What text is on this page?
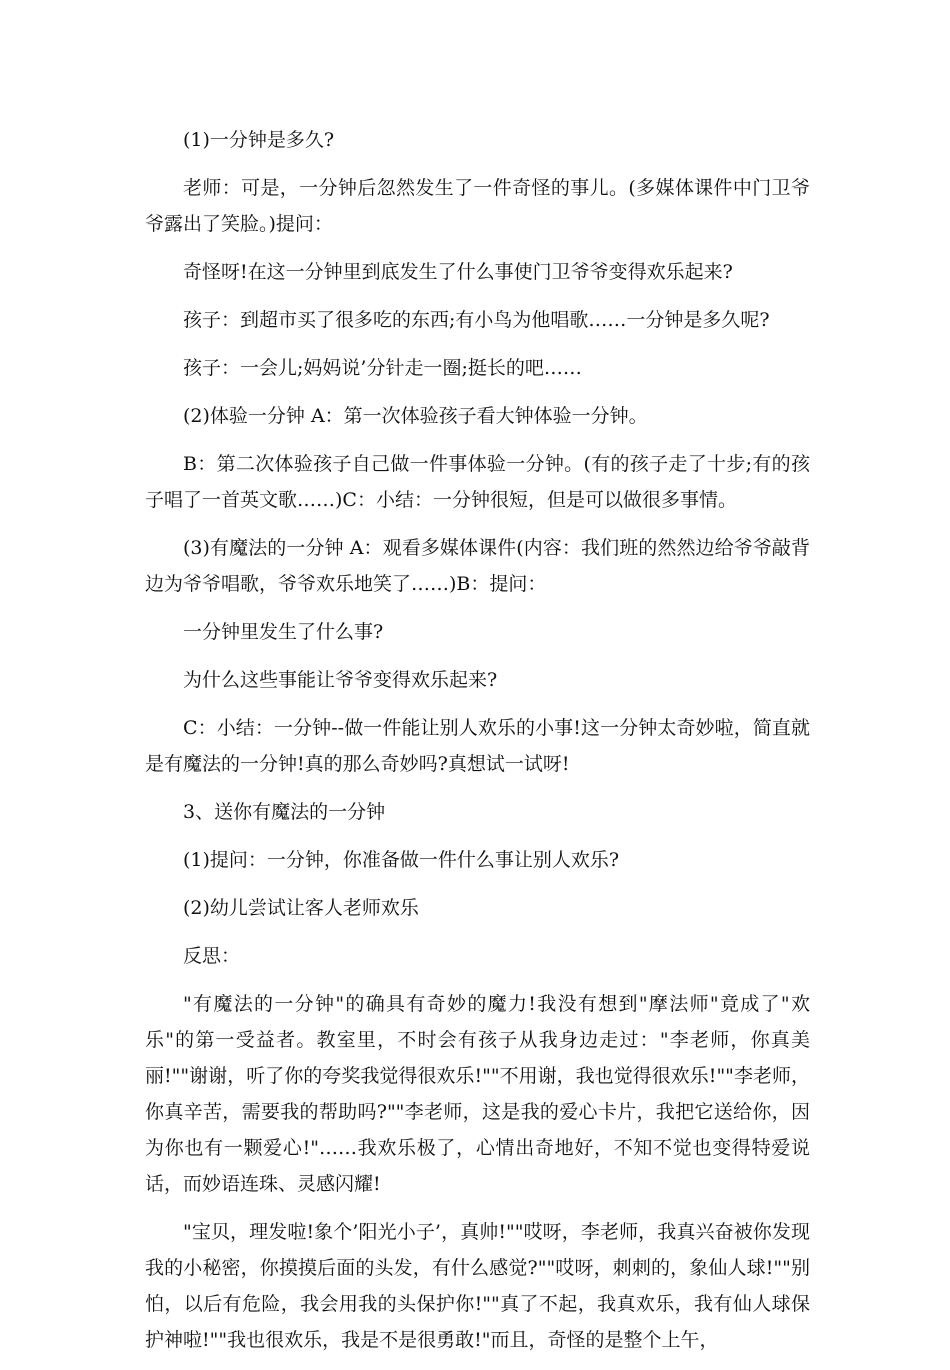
(1)一分钟是多久?

老师：可是，一分钟后忽然发生了一件奇怪的事儿。(多媒体课件中门卫爷爷露出了笑脸。)提问：

奇怪呀!在这一分钟里到底发生了什么事使门卫爷爷变得欢乐起来?

孩子：到超市买了很多吃的东西;有小鸟为他唱歌……一分钟是多久呢?

孩子：一会儿;妈妈说’分针走一圈;挺长的吧……

(2)体验一分钟 A：第一次体验孩子看大钟体验一分钟。

B：第二次体验孩子自己做一件事体验一分钟。(有的孩子走了十步;有的孩子唱了一首英文歌……)C：小结：一分钟很短，但是可以做很多事情。

(3)有魔法的一分钟 A：观看多媒体课件(内容：我们班的然然边给爷爷敲背边为爷爷唱歌，爷爷欢乐地笑了……)B：提问：

一分钟里发生了什么事?

为什么这些事能让爷爷变得欢乐起来?

C：小结：一分钟--做一件能让别人欢乐的小事!这一分钟太奇妙啦，简直就是有魔法的一分钟!真的那么奇妙吗?真想试一试呀!

3、送你有魔法的一分钟

(1)提问：一分钟，你准备做一件什么事让别人欢乐?

(2)幼儿尝试让客人老师欢乐

反思：

"有魔法的一分钟"的确具有奇妙的魔力!我没有想到"摩法师"竟成了"欢乐"的第一受益者。教室里，不时会有孩子从我身边走过："李老师，你真美丽!""谢谢，听了你的夸奖我觉得很欢乐!""不用谢，我也觉得很欢乐!""李老师，你真辛苦，需要我的帮助吗?""李老师，这是我的爱心卡片，我把它送给你，因为你也有一颗爱心!"……我欢乐极了，心情出奇地好，不知不觉也变得特爱说话，而妙语连珠、灵感闪耀!

"宝贝，理发啦!象个’阳光小子’，真帅!""哎呀，李老师，我真兴奋被你发现我的小秘密，你摸摸后面的头发，有什么感觉?""哎呀，刺刺的，象仙人球!""别怕，以后有危险，我会用我的头保护你!""真了不起，我真欢乐，我有仙人球保护神啦!""我也很欢乐，我是不是很勇敢!"而且，奇怪的是整个上午，
